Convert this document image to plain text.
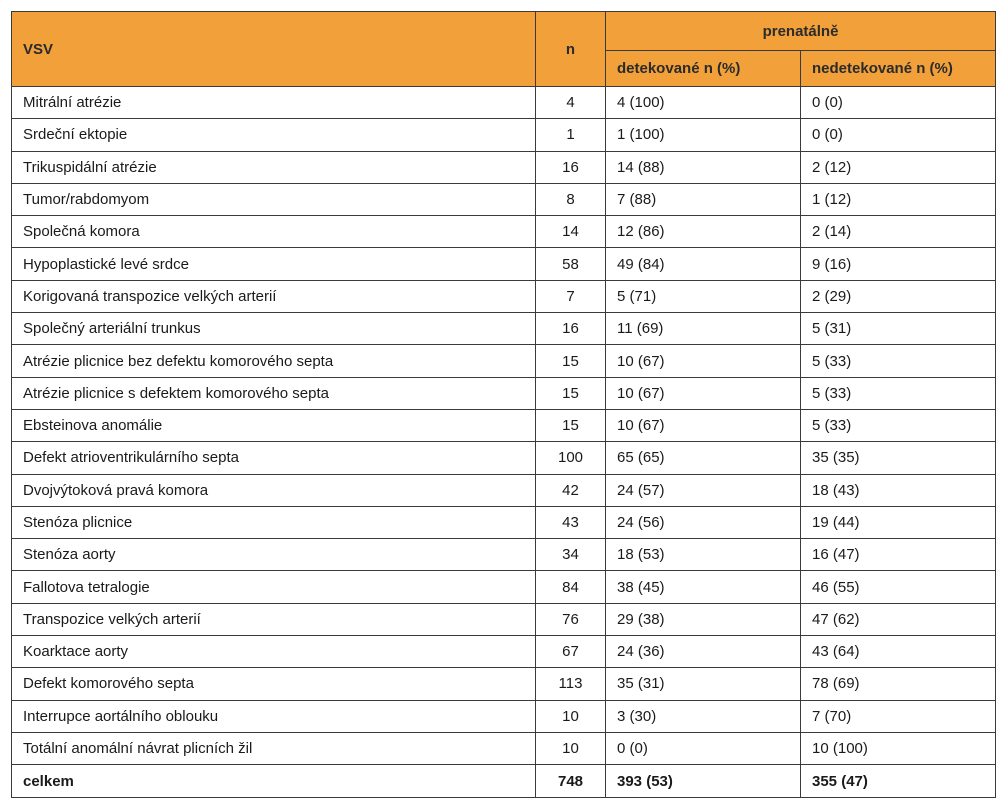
VSV	n	prenatálně	
		detekované n (%)	nedetekované n (%)
Mitrální atrézie	4	4 (100)	0 (0)
Srdeční ektopie	1	1 (100)	0 (0)
Trikuspidální atrézie	16	14 (88)	2 (12)
Tumor/rabdomyom	8	7 (88)	1 (12)
Společná komora	14	12 (86)	2 (14)
Hypoplastické levé srdce	58	49 (84)	9 (16)
Korigovaná transpozice velkých arterií	7	5 (71)	2 (29)
Společný arteriální trunkus	16	11 (69)	5 (31)
Atrézie plicnice bez defektu komorového septa	15	10 (67)	5 (33)
Atrézie plicnice s defektem komorového septa	15	10 (67)	5 (33)
Ebsteinova anomálie	15	10 (67)	5 (33)
Defekt atrioventrikulárního septa	100	65 (65)	35 (35)
Dvojvýtoková pravá komora	42	24 (57)	18 (43)
Stenóza plicnice	43	24 (56)	19 (44)
Stenóza aorty	34	18 (53)	16 (47)
Fallotova tetralogie	84	38 (45)	46 (55)
Transpozice velkých arterií	76	29 (38)	47 (62)
Koarktace aorty	67	24 (36)	43 (64)
Defekt komorového septa	113	35 (31)	78 (69)
Interrupce aortálního oblouku	10	3 (30)	7 (70)
Totální anomální návrat plicních žil	10	0 (0)	10 (100)
celkem	748	393 (53)	355 (47)
